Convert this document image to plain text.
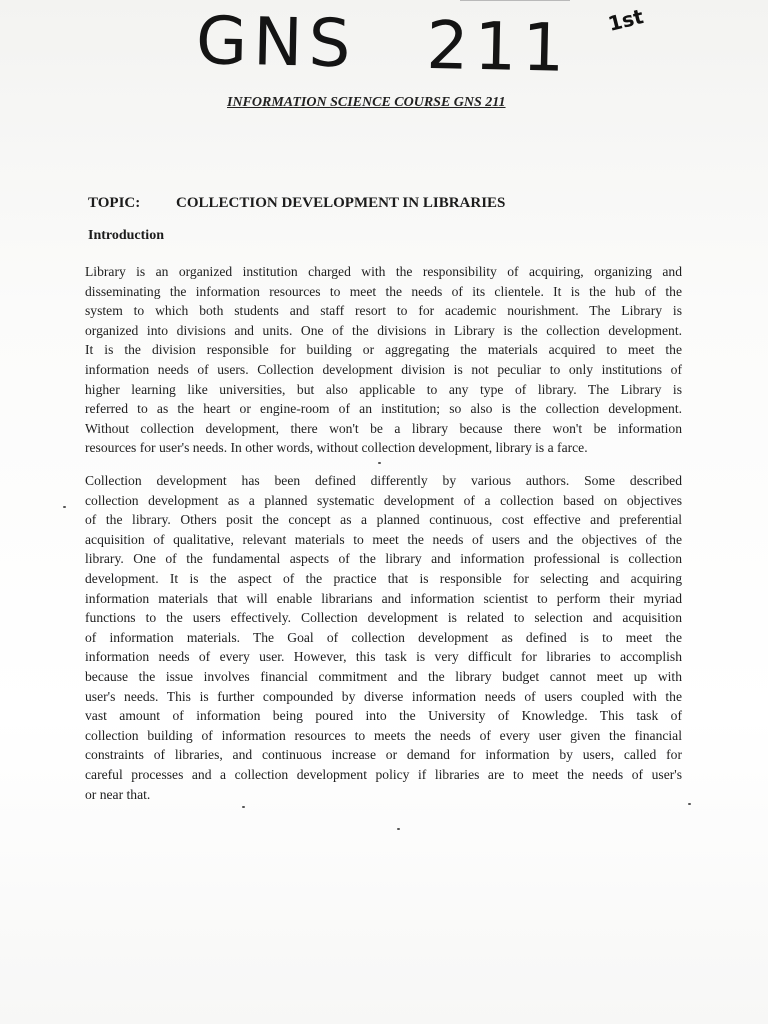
GNS 211 1st
INFORMATION SCIENCE COURSE GNS 211
TOPIC: COLLECTION DEVELOPMENT IN LIBRARIES
Introduction
Library is an organized institution charged with the responsibility of acquiring, organizing and
disseminating the information resources to meet the needs of its clientele. It is the hub of the
system to which both students and staff resort to for academic nourishment. The Library is
organized into divisions and units. One of the divisions in Library is the collection development.
It is the division responsible for building or aggregating the materials acquired to meet the
information needs of users. Collection development division is not peculiar to only institutions of
higher learning like universities, but also applicable to any type of library. The Library is
referred to as the heart or engine-room of an institution; so also is the collection development.
Without collection development, there won't be a library because there won't be information
resources for user's needs. In other words, without collection development, library is a farce.
Collection development has been defined differently by various authors. Some described
collection development as a planned systematic development of a collection based on objectives
of the library. Others posit the concept as a planned continuous, cost effective and preferential
acquisition of qualitative, relevant materials to meet the needs of users and the objectives of the
library. One of the fundamental aspects of the library and information professional is collection
development. It is the aspect of the practice that is responsible for selecting and acquiring
information materials that will enable librarians and information scientist to perform their myriad
functions to the users effectively. Collection development is related to selection and acquisition
of information materials. The Goal of collection development as defined is to meet the
information needs of every user. However, this task is very difficult for libraries to accomplish
because the issue involves financial commitment and the library budget cannot meet up with
user's needs. This is further compounded by diverse information needs of users coupled with the
vast amount of information being poured into the University of Knowledge. This task of
collection building of information resources to meets the needs of every user given the financial
constraints of libraries, and continuous increase or demand for information by users, called for
careful processes and a collection development policy if libraries are to meet the needs of user's
or near that.
